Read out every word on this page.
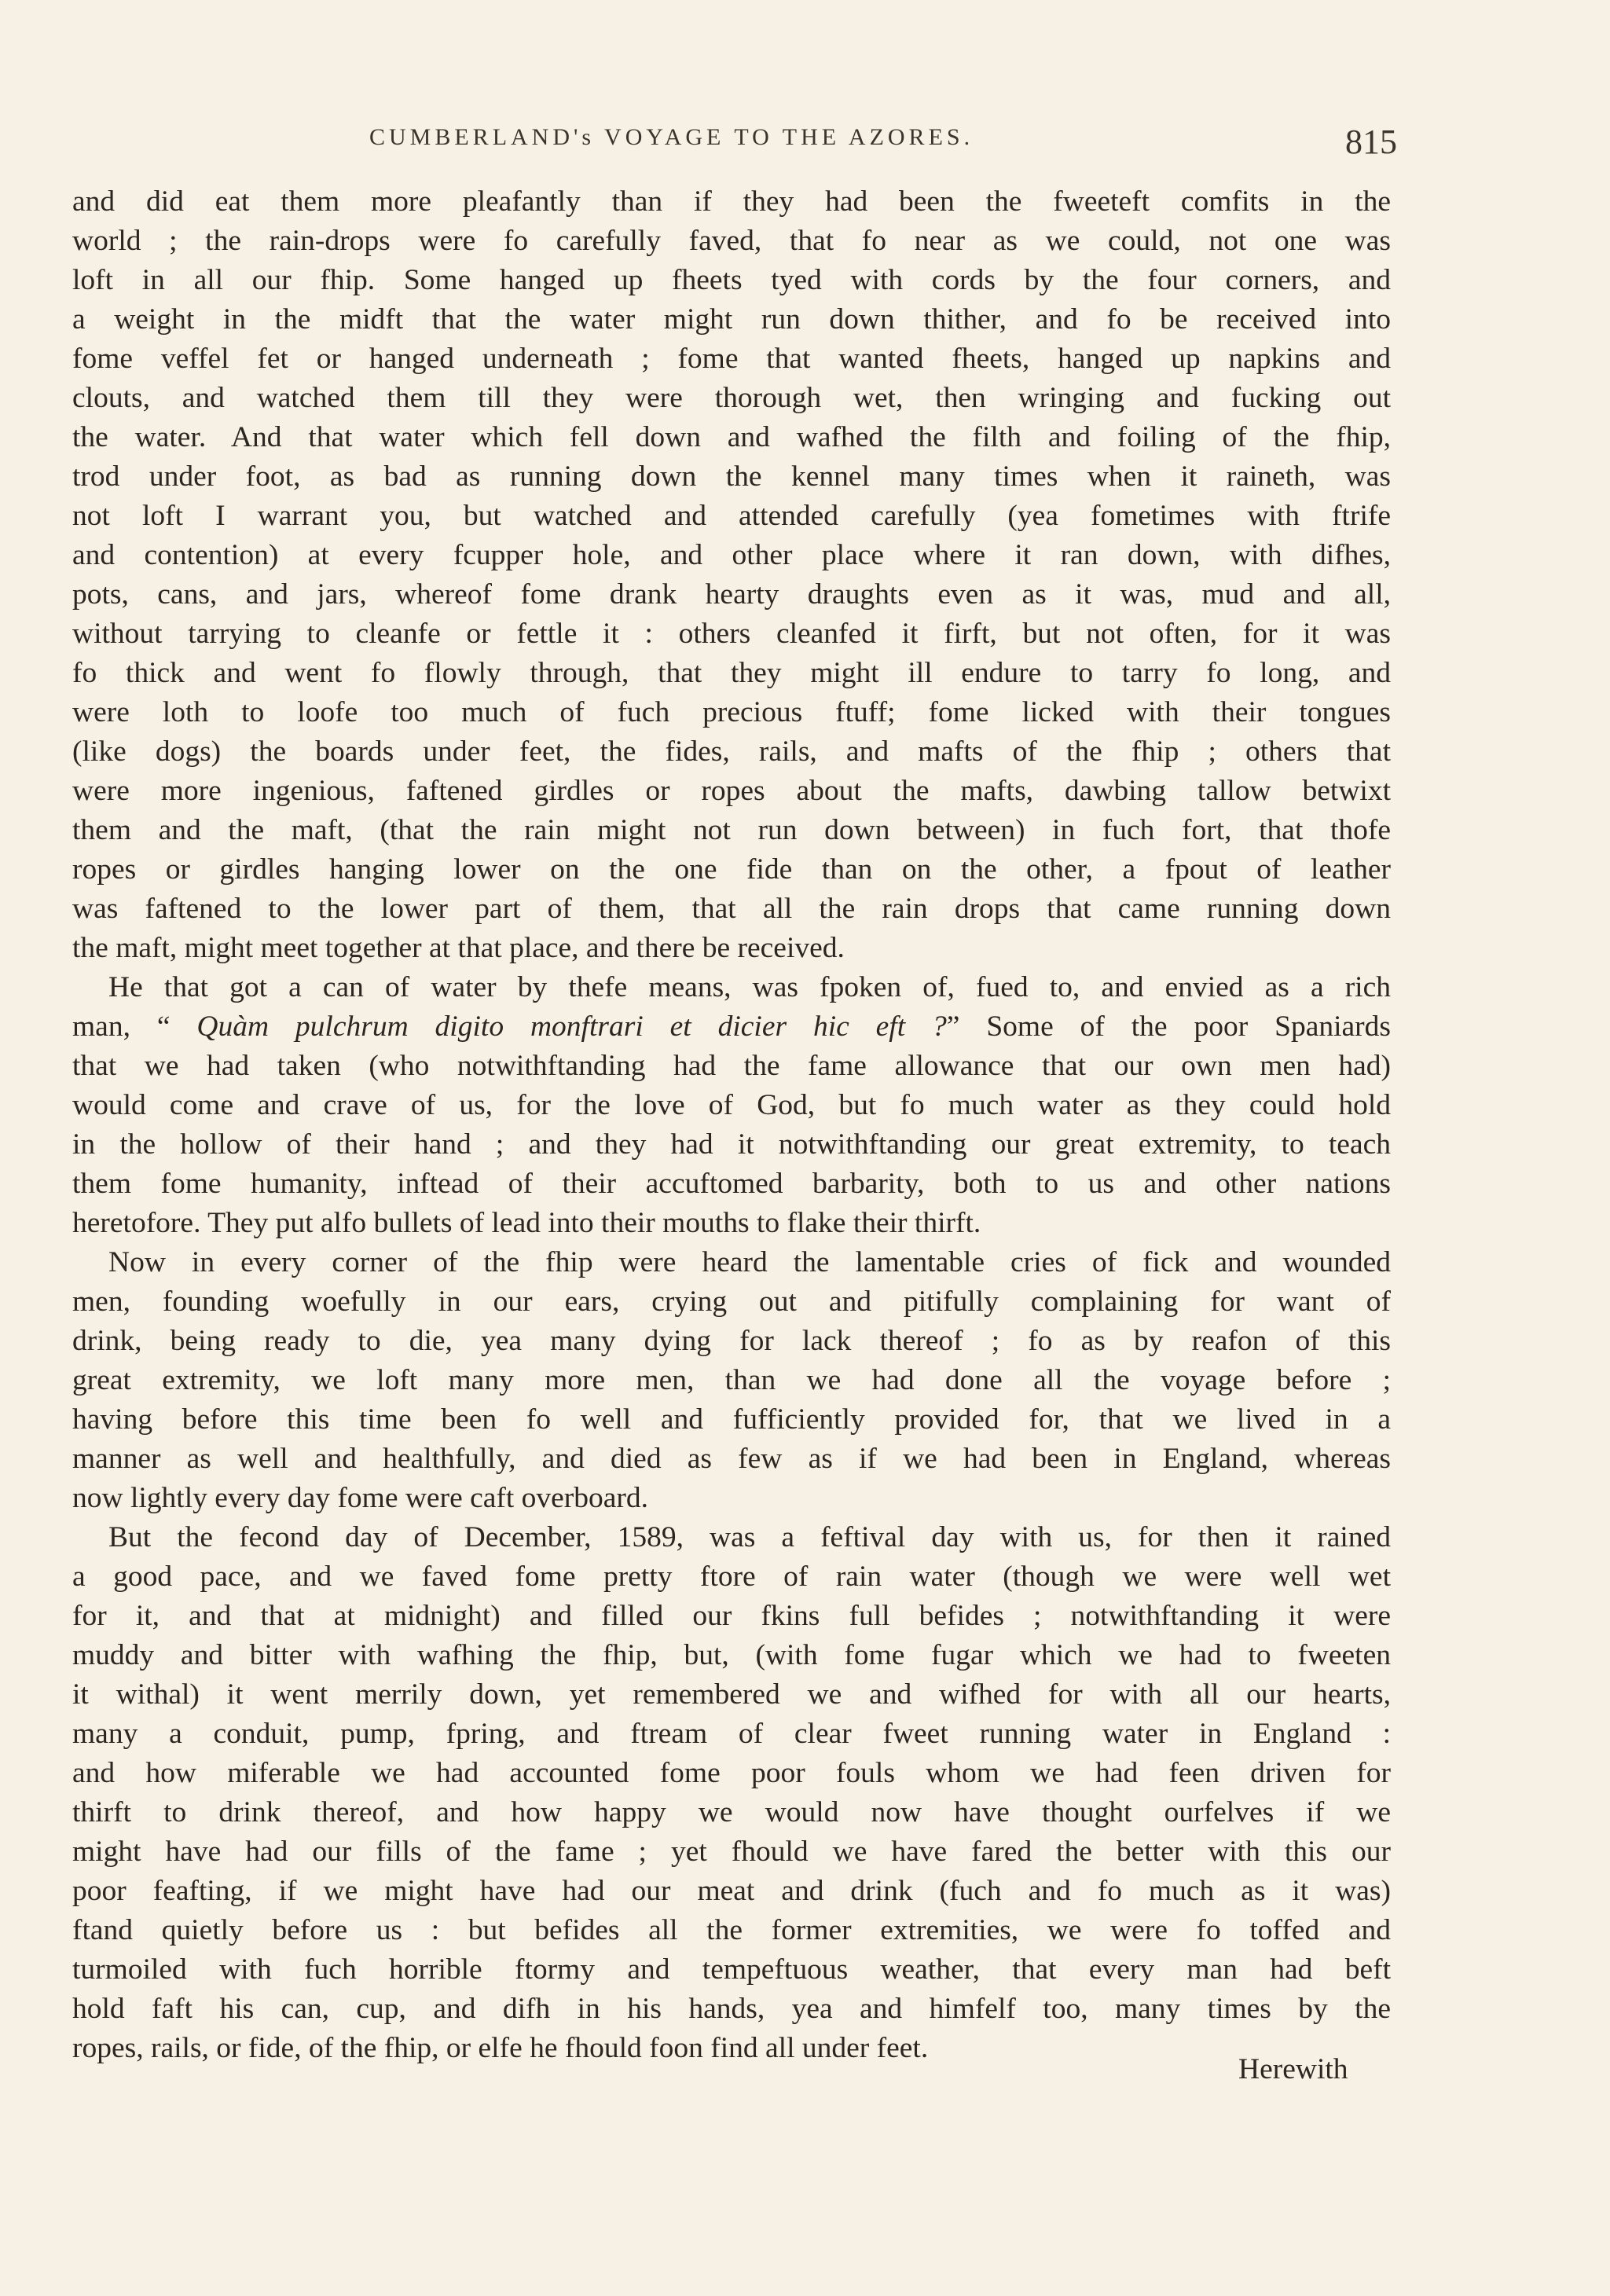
CUMBERLAND's VOYAGE TO THE AZORES.	815
and did eat them more pleafantly than if they had been the fweeteft comfits in the
world ; the rain-drops were fo carefully faved, that fo near as we could, not one was
loft in all our fhip. Some hanged up fheets tyed with cords by the four corners, and
a weight in the midft that the water might run down thither, and fo be received into
fome veffel fet or hanged underneath ; fome that wanted fheets, hanged up napkins and
clouts, and watched them till they were thorough wet, then wringing and fucking out
the water. And that water which fell down and wafhed the filth and foiling of the fhip,
trod under foot, as bad as running down the kennel many times when it raineth, was
not loft I warrant you, but watched and attended carefully (yea fometimes with ftrife
and contention) at every fcupper hole, and other place where it ran down, with difhes,
pots, cans, and jars, whereof fome drank hearty draughts even as it was, mud and all,
without tarrying to cleanfe or fettle it : others cleanfed it firft, but not often, for it was
fo thick and went fo flowly through, that they might ill endure to tarry fo long, and
were loth to loofe too much of fuch precious ftuff; fome licked with their tongues
(like dogs) the boards under feet, the fides, rails, and mafts of the fhip ; others that
were more ingenious, faftened girdles or ropes about the mafts, dawbing tallow betwixt
them and the maft, (that the rain might not run down between) in fuch fort, that thofe
ropes or girdles hanging lower on the one fide than on the other, a fpout of leather
was faftened to the lower part of them, that all the rain drops that came running down
the maft, might meet together at that place, and there be received.
He that got a can of water by thefe means, was fpoken of, fued to, and envied as a rich
man, “ Quàm pulchrum digito monftrari et dicier hic eft ?” Some of the poor Spaniards
that we had taken (who notwithftanding had the fame allowance that our own men had)
would come and crave of us, for the love of God, but fo much water as they could hold
in the hollow of their hand ; and they had it notwithftanding our great extremity, to teach
them fome humanity, inftead of their accuftomed barbarity, both to us and other nations
heretofore. They put alfo bullets of lead into their mouths to flake their thirft.
Now in every corner of the fhip were heard the lamentable cries of fick and wounded
men, founding woefully in our ears, crying out and pitifully complaining for want of
drink, being ready to die, yea many dying for lack thereof ; fo as by reafon of this
great extremity, we loft many more men, than we had done all the voyage before ;
having before this time been fo well and fufficiently provided for, that we lived in a
manner as well and healthfully, and died as few as if we had been in England, whereas
now lightly every day fome were caft overboard.
But the fecond day of December, 1589, was a feftival day with us, for then it rained
a good pace, and we faved fome pretty ftore of rain water (though we were well wet
for it, and that at midnight) and filled our fkins full befides ; notwithftanding it were
muddy and bitter with wafhing the fhip, but, (with fome fugar which we had to fweeten
it withal) it went merrily down, yet remembered we and wifhed for with all our hearts,
many a conduit, pump, fpring, and ftream of clear fweet running water in England :
and how miferable we had accounted fome poor fouls whom we had feen driven for
thirft to drink thereof, and how happy we would now have thought ourfelves if we
might have had our fills of the fame ; yet fhould we have fared the better with this our
poor feafting, if we might have had our meat and drink (fuch and fo much as it was)
ftand quietly before us : but befides all the former extremities, we were fo toffed and
turmoiled with fuch horrible ftormy and tempeftuous weather, that every man had beft
hold faft his can, cup, and difh in his hands, yea and himfelf too, many times by the
ropes, rails, or fide, of the fhip, or elfe he fhould foon find all under feet.
Herewith
